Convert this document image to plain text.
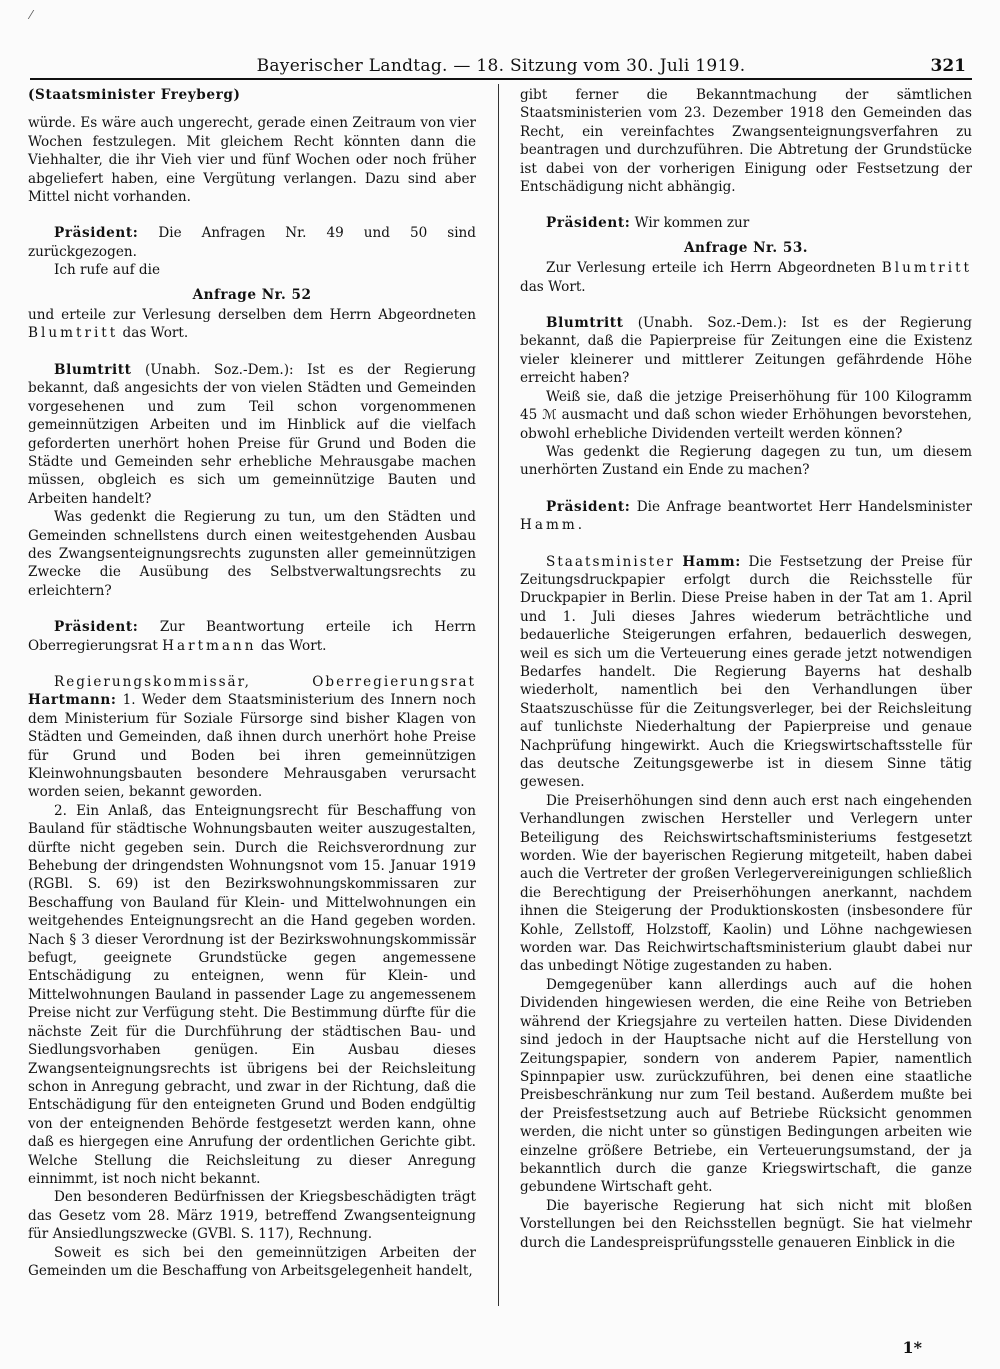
⁄
Bayerischer Landtag. — 18. Sitzung vom 30. Juli 1919.	321

(Staatsminister Freyberg)

würde. Es wäre auch ungerecht, gerade einen Zeitraum von vier Wochen festzulegen. Mit gleichem Recht könnten dann die Viehhalter, die ihr Vieh vier und fünf Wochen oder noch früher abgeliefert haben, eine Vergütung verlangen. Dazu sind aber Mittel nicht vorhanden.

Präsident: Die Anfragen Nr. 49 und 50 sind zurückgezogen.

Ich rufe auf die

Anfrage Nr. 52

und erteile zur Verlesung derselben dem Herrn Abgeordneten Blumtritt das Wort.

Blumtritt (Unabh. Soz.-Dem.): Ist es der Regierung bekannt, daß angesichts der von vielen Städten und Gemeinden vorgesehenen und zum Teil schon vorgenommenen gemeinnützigen Arbeiten und im Hinblick auf die vielfach geforderten unerhört hohen Preise für Grund und Boden die Städte und Gemeinden sehr erhebliche Mehrausgabe machen müssen, obgleich es sich um gemeinnützige Bauten und Arbeiten handelt?

Was gedenkt die Regierung zu tun, um den Städten und Gemeinden schnellstens durch einen weitestgehenden Ausbau des Zwangsenteignungsrechts zugunsten aller gemeinnützigen Zwecke die Ausübung des Selbstverwaltungsrechts zu erleichtern?

Präsident: Zur Beantwortung erteile ich Herrn Oberregierungsrat Hartmann das Wort.

Regierungskommissär, Oberregierungsrat Hartmann: 1. Weder dem Staatsministerium des Innern noch dem Ministerium für Soziale Fürsorge sind bisher Klagen von Städten und Gemeinden, daß ihnen durch unerhört hohe Preise für Grund und Boden bei ihren gemeinnützigen Kleinwohnungsbauten besondere Mehrausgaben verursacht worden seien, bekannt geworden.

2. Ein Anlaß, das Enteignungsrecht für Beschaffung von Bauland für städtische Wohnungsbauten weiter auszugestalten, dürfte nicht gegeben sein. Durch die Reichsverordnung zur Behebung der dringendsten Wohnungsnot vom 15. Januar 1919 (RGBl. S. 69) ist den Bezirkswohnungskommissaren zur Beschaffung von Bauland für Klein- und Mittelwohnungen ein weitgehendes Enteignungsrecht an die Hand gegeben worden. Nach § 3 dieser Verordnung ist der Bezirkswohnungskommissär befugt, geeignete Grundstücke gegen angemessene Entschädigung zu enteignen, wenn für Klein- und Mittelwohnungen Bauland in passender Lage zu angemessenem Preise nicht zur Verfügung steht. Die Bestimmung dürfte für die nächste Zeit für die Durchführung der städtischen Bau- und Siedlungsvorhaben genügen. Ein Ausbau dieses Zwangsenteignungsrechts ist übrigens bei der Reichsleitung schon in Anregung gebracht, und zwar in der Richtung, daß die Entschädigung für den enteigneten Grund und Boden endgültig von der enteignenden Behörde festgesetzt werden kann, ohne daß es hiergegen eine Anrufung der ordentlichen Gerichte gibt. Welche Stellung die Reichsleitung zu dieser Anregung einnimmt, ist noch nicht bekannt.

Den besonderen Bedürfnissen der Kriegsbeschädigten trägt das Gesetz vom 28. März 1919, betreffend Zwangsenteignung für Ansiedlungszwecke (GVBl. S. 117), Rechnung.

Soweit es sich bei den gemeinnützigen Arbeiten der Gemeinden um die Beschaffung von Arbeitsgelegenheit handelt,

gibt ferner die Bekanntmachung der sämtlichen Staatsministerien vom 23. Dezember 1918 den Gemeinden das Recht, ein vereinfachtes Zwangsenteignungsverfahren zu beantragen und durchzuführen. Die Abtretung der Grundstücke ist dabei von der vorherigen Einigung oder Festsetzung der Entschädigung nicht abhängig.

Präsident: Wir kommen zur

Anfrage Nr. 53.

Zur Verlesung erteile ich Herrn Abgeordneten Blumtritt das Wort.

Blumtritt (Unabh. Soz.-Dem.): Ist es der Regierung bekannt, daß die Papierpreise für Zeitungen eine die Existenz vieler kleinerer und mittlerer Zeitungen gefährdende Höhe erreicht haben?

Weiß sie, daß die jetzige Preiserhöhung für 100 Kilogramm 45 ℳ ausmacht und daß schon wieder Erhöhungen bevorstehen, obwohl erhebliche Dividenden verteilt werden können?

Was gedenkt die Regierung dagegen zu tun, um diesem unerhörten Zustand ein Ende zu machen?

Präsident: Die Anfrage beantwortet Herr Handelsminister Hamm.

Staatsminister Hamm: Die Festsetzung der Preise für Zeitungsdruckpapier erfolgt durch die Reichsstelle für Druckpapier in Berlin. Diese Preise haben in der Tat am 1. April und 1. Juli dieses Jahres wiederum beträchtliche und bedauerliche Steigerungen erfahren, bedauerlich deswegen, weil es sich um die Verteuerung eines gerade jetzt notwendigen Bedarfes handelt. Die Regierung Bayerns hat deshalb wiederholt, namentlich bei den Verhandlungen über Staatszuschüsse für die Zeitungsverleger, bei der Reichsleitung auf tunlichste Niederhaltung der Papierpreise und genaue Nachprüfung hingewirkt. Auch die Kriegswirtschaftsstelle für das deutsche Zeitungsgewerbe ist in diesem Sinne tätig gewesen.

Die Preiserhöhungen sind denn auch erst nach eingehenden Verhandlungen zwischen Hersteller und Verlegern unter Beteiligung des Reichswirtschaftsministeriums festgesetzt worden. Wie der bayerischen Regierung mitgeteilt, haben dabei auch die Vertreter der großen Verlegervereinigungen schließlich die Berechtigung der Preiserhöhungen anerkannt, nachdem ihnen die Steigerung der Produktionskosten (insbesondere für Kohle, Zellstoff, Holzstoff, Kaolin) und Löhne nachgewiesen worden war. Das Reichwirtschaftsministerium glaubt dabei nur das unbedingt Nötige zugestanden zu haben.

Demgegenüber kann allerdings auch auf die hohen Dividenden hingewiesen werden, die eine Reihe von Betrieben während der Kriegsjahre zu verteilen hatten. Diese Dividenden sind jedoch in der Hauptsache nicht auf die Herstellung von Zeitungspapier, sondern von anderem Papier, namentlich Spinnpapier usw. zurückzuführen, bei denen eine staatliche Preisbeschränkung nur zum Teil bestand. Außerdem mußte bei der Preisfestsetzung auch auf Betriebe Rücksicht genommen werden, die nicht unter so günstigen Bedingungen arbeiten wie einzelne größere Betriebe, ein Verteuerungsumstand, der ja bekanntlich durch die ganze Kriegswirtschaft, die ganze gebundene Wirtschaft geht.

Die bayerische Regierung hat sich nicht mit bloßen Vorstellungen bei den Reichsstellen begnügt. Sie hat vielmehr durch die Landespreisprüfungsstelle genaueren Einblick in die

1*
